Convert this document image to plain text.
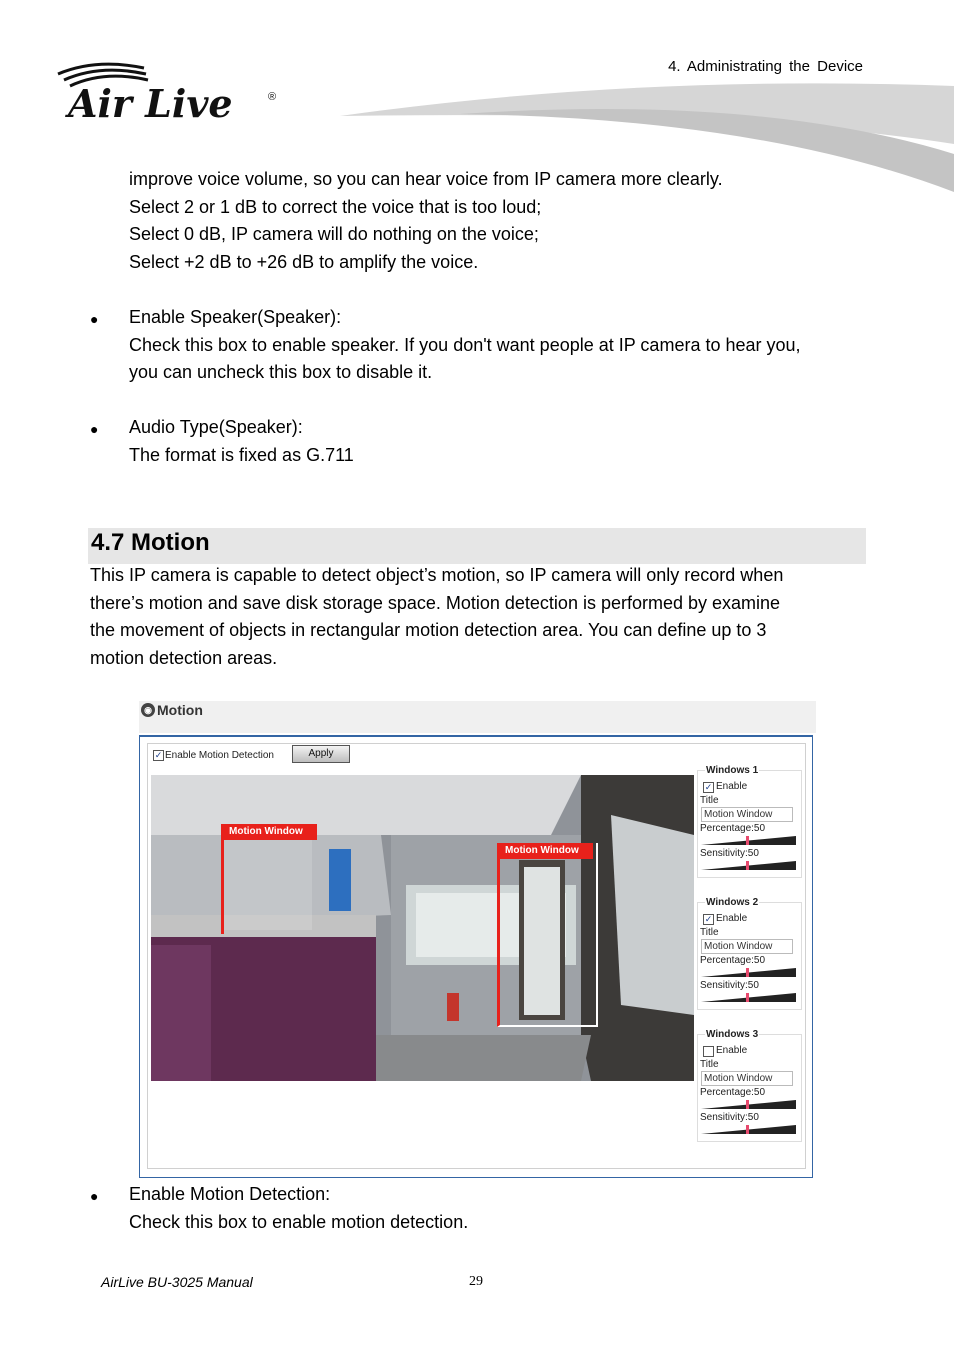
4. Administrating the Device
Air Live	®
improve voice volume, so you can hear voice from IP camera more clearly.
Select 2 or 1 dB to correct the voice that is too loud;
Select 0 dB, IP camera will do nothing on the voice;
Select +2 dB to +26 dB to amplify the voice.
● Enable Speaker(Speaker):
Check this box to enable speaker. If you don't want people at IP camera to hear you,
you can uncheck this box to disable it.
● Audio Type(Speaker):
The format is fixed as G.711
4.7 Motion
This IP camera is capable to detect object’s motion, so IP camera will only record when
there’s motion and save disk storage space. Motion detection is performed by examine
the movement of objects in rectangular motion detection area. You can define up to 3
motion detection areas.
◉ Motion
✓ Enable Motion Detection	Apply
Motion Window
Motion Window
Windows 1
✓ Enable
Title
Motion Window
Percentage:50
Sensitivity:50
Windows 2
✓ Enable
Title
Motion Window
Percentage:50
Sensitivity:50
Windows 3
Enable
Title
Motion Window
Percentage:50
Sensitivity:50
● Enable Motion Detection:
Check this box to enable motion detection.
AirLive BU-3025 Manual	29
